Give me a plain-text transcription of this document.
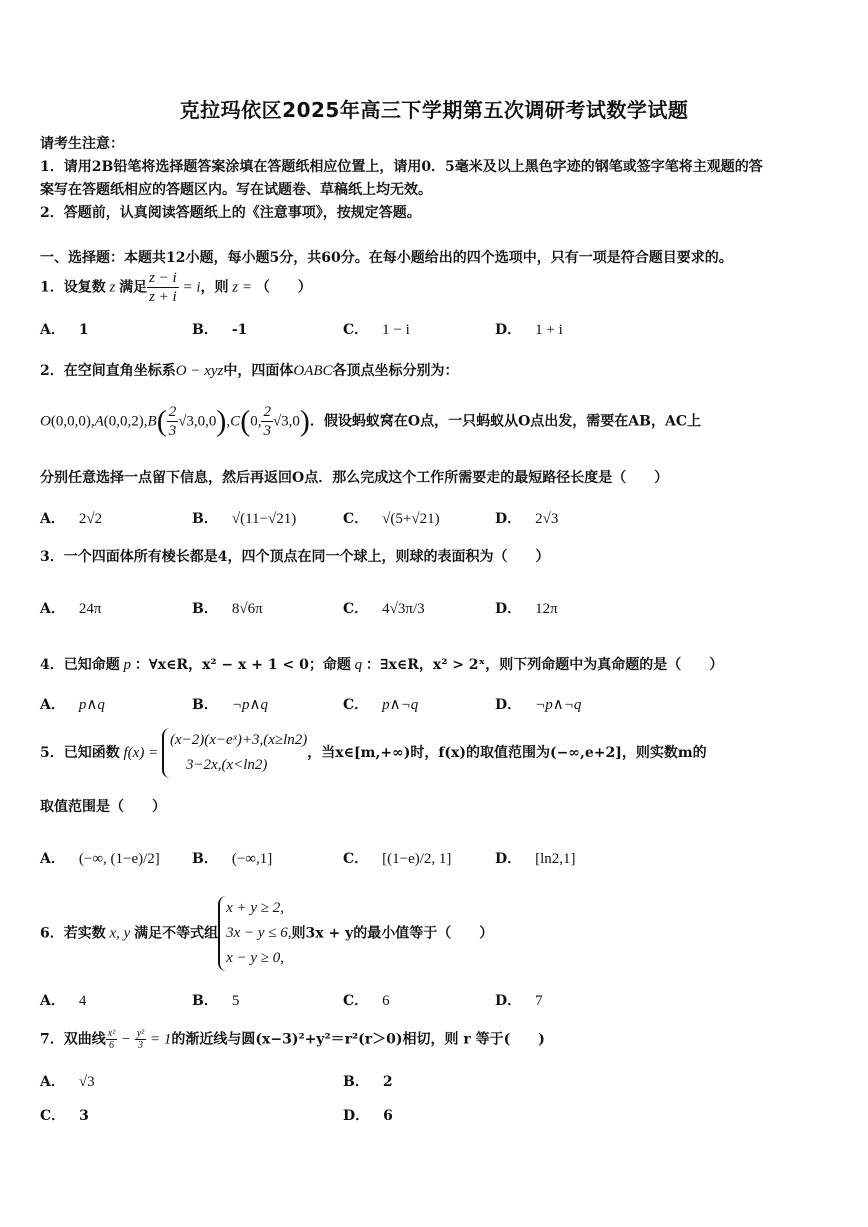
克拉玛依区2025年高三下学期第五次调研考试数学试题
请考生注意：
1．请用2B铅笔将选择题答案涂填在答题纸相应位置上，请用0．5毫米及以上黑色字迹的钢笔或签字笔将主观题的答
案写在答题纸相应的答题区内。写在试题卷、草稿纸上均无效。
2．答题前，认真阅读答题纸上的《注意事项》，按规定答题。
一、选择题：本题共12小题，每小题5分，共60分。在每小题给出的四个选项中，只有一项是符合题目要求的。
1．设复数 z 满足 $\frac{z - i}{z + i} = i$，则 z = （　　）
A． 1	B． -1	C． 1 − i	D． 1 + i
2．在空间直角坐标系O − xyz中，四面体OABC各顶点坐标分别为：
$O(0,0,0),A(0,0,2),B( \frac{2}{3} √3,0,0),C(0$, $\frac{2}{3} √3,0$)．假设蚂蚁窝在O点，一只蚂蚁从O点出发，需要在AB，AC上
分别任意选择一点留下信息，然后再返回O点．那么完成这个工作所需要走的最短路径长度是（　　）
A． 2√2	B． √(11−√21)	C． √(5+√21)	D． 2√3
3．一个四面体所有棱长都是4，四个顶点在同一个球上，则球的表面积为（　　）
A． 24π	B． 8√6π	C． 4√3π/3	D． 12π
4．已知命题 p ：∀x∈R，x² − x + 1 < 0；命题 q ：∃x∈R，x² > 2ˣ，则下列命题中为真命题的是（　　）
A． p∧q	B． ¬p∧q	C． p∧¬q	D． ¬p∧¬q
5．已知函数 f(x) =
(x−2)(x−eˣ)+3,(x≥ln2)
3−2x,(x<ln2)
，当x∈[m,+∞)时，f(x)的取值范围为(−∞,e+2]，则实数m的
取值范围是（　　）
A． (−∞, (1−e)/2] B． (−∞,1]	C． [(1−e)/2, 1]	D． [ln2,1]
6．若实数 x, y 满足不等式组
x + y ≥ 2,
3x − y ≤ 6,
x − y ≥ 0,
则3x + y的最小值等于（　　）
A． 4	B． 5	C． 6	D． 7
7．双曲线 $\frac{\text{x²}}{6} - \frac{\text{y²}}{3} = 1$的渐近线与圆(x−3)²+y²＝r²(r＞0)相切，则 r 等于(　　)
A． √3	B． 2
C． 3	D． 6
